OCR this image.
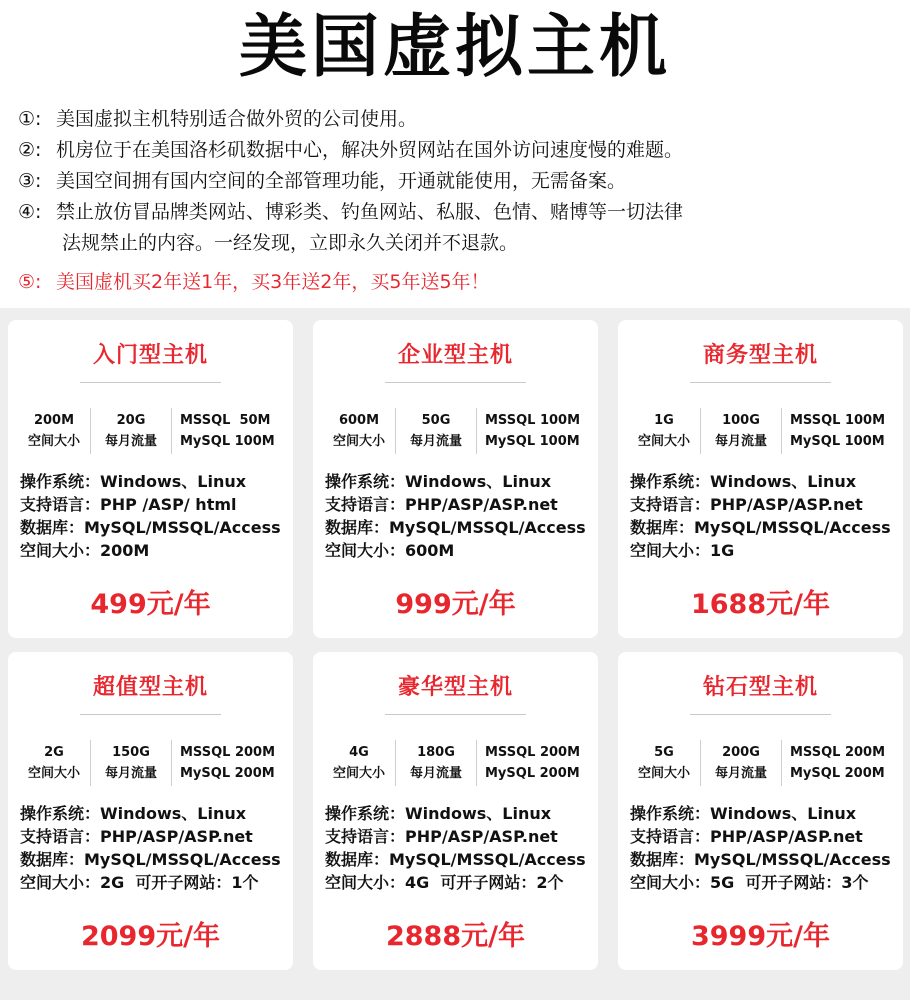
美国虚拟主机
①: 美国虚拟主机特别适合做外贸的公司使用。
②: 机房位于在美国洛杉矶数据中心，解决外贸网站在国外访问速度慢的难题。
③: 美国空间拥有国内空间的全部管理功能，开通就能使用，无需备案。
④: 禁止放仿冒品牌类网站、博彩类、钓鱼网站、私服、色情、赌博等一切法律
法规禁止的内容。一经发现，立即永久关闭并不退款。
⑤: 美国虚机买2年送1年，买3年送2年，买5年送5年！
入门型主机
200M
空间大小
20G
每月流量
MSSQL  50M
MySQL 100M
操作系统：Windows、Linux
支持语言：PHP /ASP/ html
数据库：MySQL/MSSQL/Access
空间大小：200M
499元/年
企业型主机
600M
空间大小
50G
每月流量
MSSQL 100M
MySQL 100M
操作系统：Windows、Linux
支持语言：PHP/ASP/ASP.net
数据库：MySQL/MSSQL/Access
空间大小：600M
999元/年
商务型主机
1G
空间大小
100G
每月流量
MSSQL 100M
MySQL 100M
操作系统：Windows、Linux
支持语言：PHP/ASP/ASP.net
数据库：MySQL/MSSQL/Access
空间大小：1G
1688元/年
超值型主机
2G
空间大小
150G
每月流量
MSSQL 200M
MySQL 200M
操作系统：Windows、Linux
支持语言：PHP/ASP/ASP.net
数据库：MySQL/MSSQL/Access
空间大小：2G  可开子网站：1个
2099元/年
豪华型主机
4G
空间大小
180G
每月流量
MSSQL 200M
MySQL 200M
操作系统：Windows、Linux
支持语言：PHP/ASP/ASP.net
数据库：MySQL/MSSQL/Access
空间大小：4G  可开子网站：2个
2888元/年
钻石型主机
5G
空间大小
200G
每月流量
MSSQL 200M
MySQL 200M
操作系统：Windows、Linux
支持语言：PHP/ASP/ASP.net
数据库：MySQL/MSSQL/Access
空间大小：5G  可开子网站：3个
3999元/年
